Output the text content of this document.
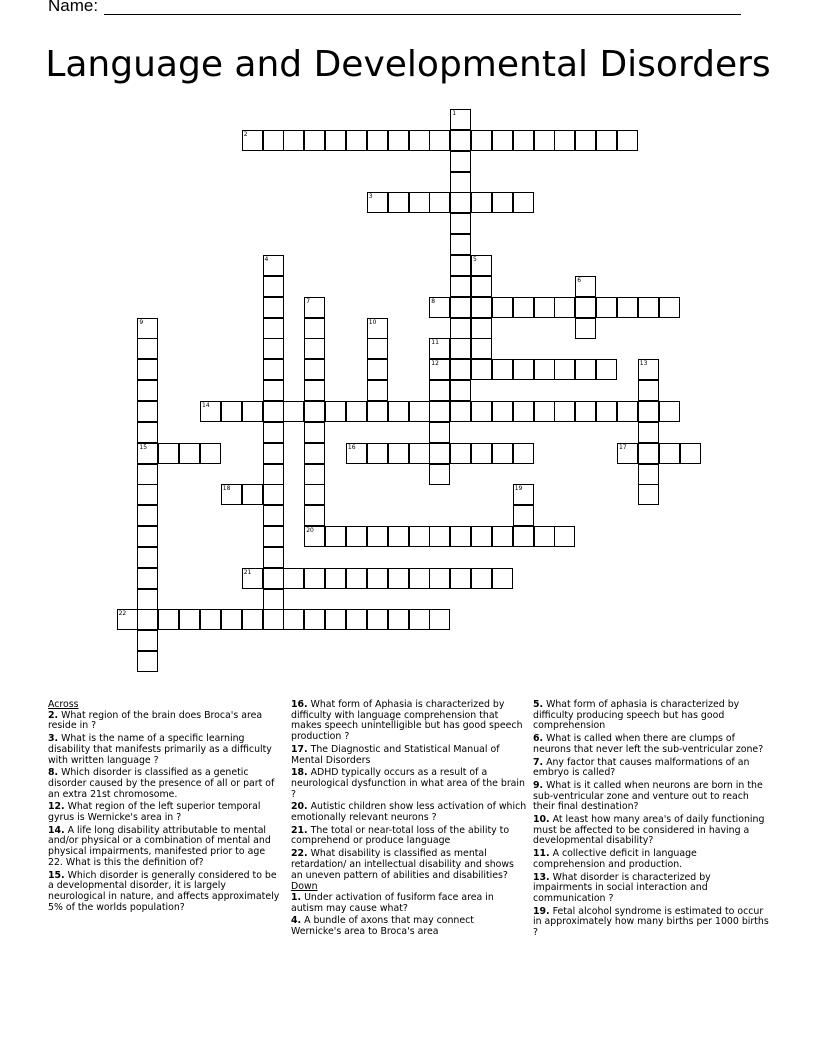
Name:
Language and Developmental Disorders
1
2
3
4	5
6
7	8
9
15
10
11
12	13
14
16	17
18	19
20
21
22
Across
2. What region of the brain does Broca's area reside in ?
3. What is the name of a specific learning disability that manifests primarily as a difficulty with written language ?
8. Which disorder is classified as a genetic disorder caused by the presence of all or part of an extra 21st chromosome.
12. What region of the left superior temporal gyrus is Wernicke's area in ?
14. A life long disability attributable to mental and/or physical or a combination of mental and physical impairments, manifested prior to age 22. What is this the definition of?
15. Which disorder is generally considered to be a developmental disorder, it is largely neurological in nature, and affects approximately 5% of the worlds population?
16. What form of Aphasia is characterized by difficulty with language comprehension that makes speech unintelligible but has good speech production ?
17. The Diagnostic and Statistical Manual of Mental Disorders
18. ADHD typically occurs as a result of a neurological dysfunction in what area of the brain ?
20. Autistic children show less activation of which emotionally relevant neurons ?
21. The total or near-total loss of the ability to comprehend or produce language
22. What disability is classified as mental retardation/ an intellectual disability and shows an uneven pattern of abilities and disabilities?
Down
1. Under activation of fusiform face area in autism may cause what?
4. A bundle of axons that may connect Wernicke's area to Broca's area
5. What form of aphasia is characterized by difficulty producing speech but has good comprehension
6. What is called when there are clumps of neurons that never left the sub-ventricular zone?
7. Any factor that causes malformations of an embryo is called?
9. What is it called when neurons are born in the sub-ventricular zone and venture out to reach their final destination?
10. At least how many area's of daily functioning must be affected to be considered in having a developmental disability?
11. A collective deficit in language comprehension and production.
13. What disorder is characterized by impairments in social interaction and communication ?
19. Fetal alcohol syndrome is estimated to occur in approximately how many births per 1000 births ?
